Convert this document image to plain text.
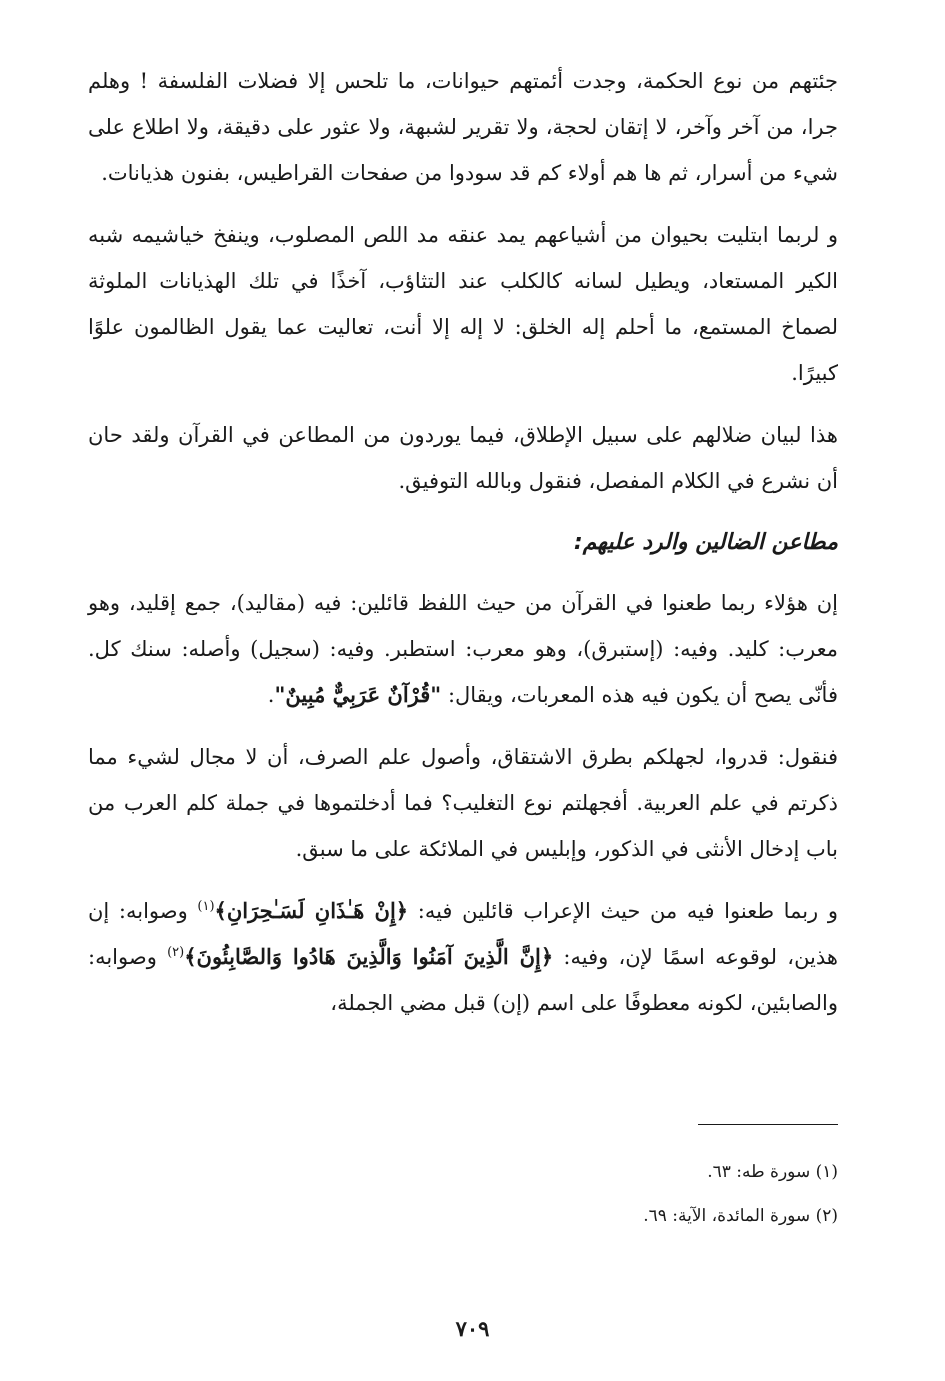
جئتهم من نوع الحكمة، وجدت أئمتهم حيوانات، ما تلحس إلا فضلات الفلسفة ! وهلم جرا، من آخر وآخر، لا إتقان لحجة، ولا تقرير لشبهة، ولا عثور على دقيقة، ولا اطلاع على شيء من أسرار، ثم ها هم أولاء كم قد سودوا من صفحات القراطيس، بفنون هذيانات.

و لربما ابتليت بحيوان من أشياعهم يمد عنقه مد اللص المصلوب، وينفخ خياشيمه شبه الكير المستعاد، ويطيل لسانه كالكلب عند التثاؤب، آخذًا في تلك الهذيانات الملوثة لصماخ المستمع، ما أحلم إله الخلق: لا إله إلا أنت، تعاليت عما يقول الظالمون علوًا كبيرًا.

هذا لبيان ضلالهم على سبيل الإطلاق، فيما يوردون من المطاعن في القرآن ولقد حان أن نشرع في الكلام المفصل، فنقول وبالله التوفيق.

مطاعن الضالين والرد عليهم:

إن هؤلاء ربما طعنوا في القرآن من حيث اللفظ قائلين: فيه (مقاليد)، جمع إقليد، وهو معرب: كليد. وفيه: (إستبرق)، وهو معرب: استطبر. وفيه: (سجيل) وأصله: سنك كل. فأنّى يصح أن يكون فيه هذه المعربات، ويقال: "قُرْآنٌ عَرَبِيٌّ مُبِينٌ".

فنقول: قدروا، لجهلكم بطرق الاشتقاق، وأصول علم الصرف، أن لا مجال لشيء مما ذكرتم في علم العربية. أفجهلتم نوع التغليب؟ فما أدخلتموها في جملة كلم العرب من باب إدخال الأنثى في الذكور، وإبليس في الملائكة على ما سبق.

و ربما طعنوا فيه من حيث الإعراب قائلين فيه: ﴿إِنْ هَـٰذَانِ لَسَـٰحِرَانِ﴾$^{(١)}$ وصوابه: إن هذين، لوقوعه اسمًا لإن، وفيه: ﴿إِنَّ الَّذِينَ آمَنُوا وَالَّذِينَ هَادُوا وَالصَّابِئُونَ﴾$^{(٢)}$ وصوابه: والصابئين، لكونه معطوفًا على اسم (إن) قبل مضي الجملة،

(١) سورة طه: ٦٣.
(٢) سورة المائدة، الآية: ٦٩.
٧٠٩
